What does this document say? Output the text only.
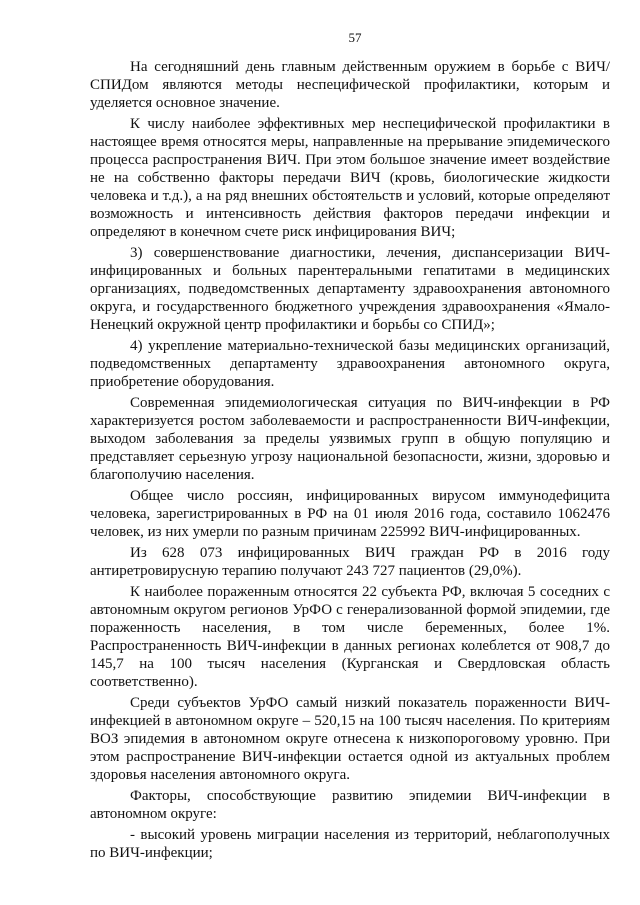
57

На сегодняшний день главным действенным оружием в борьбе с ВИЧ/СПИДом являются методы неспецифической профилактики, которым и уделяется основное значение.

К числу наиболее эффективных мер неспецифической профилактики в настоящее время относятся меры, направленные на прерывание эпидемического процесса распространения ВИЧ. При этом большое значение имеет воздействие не на собственно факторы передачи ВИЧ (кровь, биологические жидкости человека и т.д.), а на ряд внешних обстоятельств и условий, которые определяют возможность и интенсивность действия факторов передачи инфекции и определяют в конечном счете риск инфицирования ВИЧ;

3) совершенствование диагностики, лечения, диспансеризации ВИЧ-инфицированных и больных парентеральными гепатитами в медицинских организациях, подведомственных департаменту здравоохранения автономного округа, и государственного бюджетного учреждения здравоохранения «Ямало-Ненецкий окружной центр профилактики и борьбы со СПИД»;

4) укрепление материально-технической базы медицинских организаций, подведомственных департаменту здравоохранения автономного округа, приобретение оборудования.

Современная эпидемиологическая ситуация по ВИЧ-инфекции в РФ характеризуется ростом заболеваемости и распространенности ВИЧ-инфекции, выходом заболевания за пределы уязвимых групп в общую популяцию и представляет серьезную угрозу национальной безопасности, жизни, здоровью и благополучию населения.

Общее число россиян, инфицированных вирусом иммунодефицита человека, зарегистрированных в РФ на 01 июля 2016 года, составило 1062476 человек, из них умерли по разным причинам 225992 ВИЧ-инфицированных.

Из 628 073 инфицированных ВИЧ граждан РФ в 2016 году антиретровирусную терапию получают 243 727 пациентов (29,0%).

К наиболее пораженным относятся 22 субъекта РФ, включая 5 соседних с автономным округом регионов УрФО с генерализованной формой эпидемии, где пораженность населения, в том числе беременных, более 1%. Распространенность ВИЧ-инфекции в данных регионах колеблется от 908,7 до 145,7 на 100 тысяч населения (Курганская и Свердловская область соответственно).

Среди субъектов УрФО самый низкий показатель пораженности ВИЧ-инфекцией в автономном округе – 520,15 на 100 тысяч населения. По критериям ВОЗ эпидемия в автономном округе отнесена к низкопороговому уровню. При этом распространение ВИЧ-инфекции остается одной из актуальных проблем здоровья населения автономного округа.

Факторы, способствующие развитию эпидемии ВИЧ-инфекции в автономном округе:

- высокий уровень миграции населения из территорий, неблагополучных по ВИЧ-инфекции;
